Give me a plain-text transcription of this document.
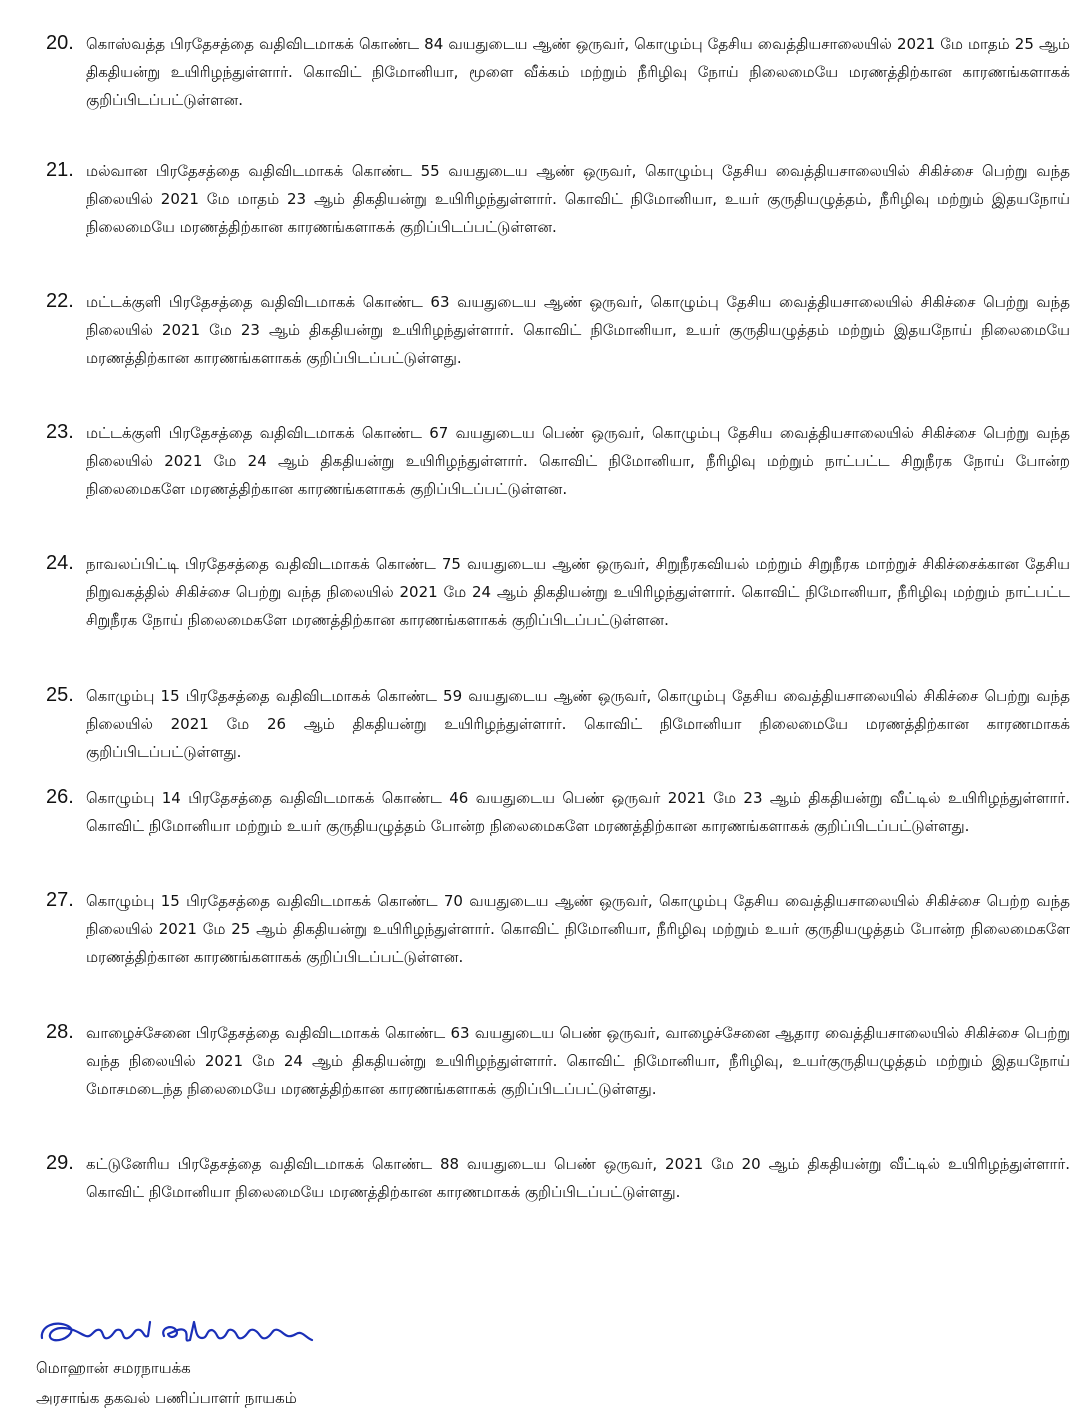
20. கொஸ்வத்த பிரதேசத்தை வதிவிடமாகக் கொண்ட 84 வயதுடைய ஆண் ஒருவர், கொழும்பு தேசிய வைத்தியசாலையில் 2021 மே மாதம் 25 ஆம் திகதியன்று உயிரிழந்துள்ளார். கொவிட் நிமோனியா, மூளை வீக்கம் மற்றும் நீரிழிவு நோய் நிலைமையே மரணத்திற்கான காரணங்களாகக் குறிப்பிடப்பட்டுள்ளன.
21. மல்வான பிரதேசத்தை வதிவிடமாகக் கொண்ட 55 வயதுடைய ஆண் ஒருவர், கொழும்பு தேசிய வைத்தியசாலையில் சிகிச்சை பெற்று வந்த நிலையில் 2021 மே மாதம் 23 ஆம் திகதியன்று உயிரிழந்துள்ளார். கொவிட் நிமோனியா, உயர் குருதியழுத்தம், நீரிழிவு மற்றும் இதயநோய் நிலைமையே மரணத்திற்கான காரணங்களாகக் குறிப்பிடப்பட்டுள்ளன.
22. மட்டக்குளி பிரதேசத்தை வதிவிடமாகக் கொண்ட 63 வயதுடைய ஆண் ஒருவர், கொழும்பு தேசிய வைத்தியசாலையில் சிகிச்சை பெற்று வந்த நிலையில் 2021 மே 23 ஆம் திகதியன்று உயிரிழந்துள்ளார். கொவிட் நிமோனியா, உயர் குருதியழுத்தம் மற்றும் இதயநோய் நிலைமையே மரணத்திற்கான காரணங்களாகக் குறிப்பிடப்பட்டுள்ளது.
23. மட்டக்குளி பிரதேசத்தை வதிவிடமாகக் கொண்ட 67 வயதுடைய பெண் ஒருவர், கொழும்பு தேசிய வைத்தியசாலையில் சிகிச்சை பெற்று வந்த நிலையில் 2021 மே 24 ஆம் திகதியன்று உயிரிழந்துள்ளார். கொவிட் நிமோனியா, நீரிழிவு மற்றும் நாட்பட்ட சிறுநீரக நோய் போன்ற நிலைமைகளே மரணத்திற்கான காரணங்களாகக் குறிப்பிடப்பட்டுள்ளன.
24. நாவலப்பிட்டி பிரதேசத்தை வதிவிடமாகக் கொண்ட 75 வயதுடைய ஆண் ஒருவர், சிறுநீரகவியல் மற்றும் சிறுநீரக மாற்றுச் சிகிச்சைக்கான தேசிய நிறுவகத்தில் சிகிச்சை பெற்று வந்த நிலையில் 2021 மே 24 ஆம் திகதியன்று உயிரிழந்துள்ளார். கொவிட் நிமோனியா, நீரிழிவு மற்றும் நாட்பட்ட சிறுநீரக நோய் நிலைமைகளே மரணத்திற்கான காரணங்களாகக் குறிப்பிடப்பட்டுள்ளன.
25. கொழும்பு 15 பிரதேசத்தை வதிவிடமாகக் கொண்ட 59 வயதுடைய ஆண் ஒருவர், கொழும்பு தேசிய வைத்தியசாலையில் சிகிச்சை பெற்று வந்த நிலையில் 2021 மே 26 ஆம் திகதியன்று உயிரிழந்துள்ளார். கொவிட் நிமோனியா நிலைமையே மரணத்திற்கான காரணமாகக் குறிப்பிடப்பட்டுள்ளது.
26. கொழும்பு 14 பிரதேசத்தை வதிவிடமாகக் கொண்ட 46 வயதுடைய பெண் ஒருவர் 2021 மே 23 ஆம் திகதியன்று வீட்டில் உயிரிழந்துள்ளார். கொவிட் நிமோனியா மற்றும் உயர் குருதியழுத்தம் போன்ற நிலைமைகளே மரணத்திற்கான காரணங்களாகக் குறிப்பிடப்பட்டுள்ளது.
27. கொழும்பு 15 பிரதேசத்தை வதிவிடமாகக் கொண்ட 70 வயதுடைய ஆண் ஒருவர், கொழும்பு தேசிய வைத்தியசாலையில் சிகிச்சை பெற்ற வந்த நிலையில் 2021 மே 25 ஆம் திகதியன்று உயிரிழந்துள்ளார். கொவிட் நிமோனியா, நீரிழிவு மற்றும் உயர் குருதியழுத்தம் போன்ற நிலைமைகளே மரணத்திற்கான காரணங்களாகக் குறிப்பிடப்பட்டுள்ளன.
28. வாழைச்சேனை பிரதேசத்தை வதிவிடமாகக் கொண்ட 63 வயதுடைய பெண் ஒருவர், வாழைச்சேனை ஆதார வைத்தியசாலையில் சிகிச்சை பெற்று வந்த நிலையில் 2021 மே 24 ஆம் திகதியன்று உயிரிழந்துள்ளார். கொவிட் நிமோனியா, நீரிழிவு, உயர்குருதியழுத்தம் மற்றும் இதயநோய் மோசமடைந்த நிலைமையே மரணத்திற்கான காரணங்களாகக் குறிப்பிடப்பட்டுள்ளது.
29. கட்டுனேரிய பிரதேசத்தை வதிவிடமாகக் கொண்ட 88 வயதுடைய பெண் ஒருவர், 2021 மே 20 ஆம் திகதியன்று வீட்டில் உயிரிழந்துள்ளார். கொவிட் நிமோனியா நிலைமையே மரணத்திற்கான காரணமாகக் குறிப்பிடப்பட்டுள்ளது.
மொஹான் சமரநாயக்க
அரசாங்க தகவல் பணிப்பாளர் நாயகம்
